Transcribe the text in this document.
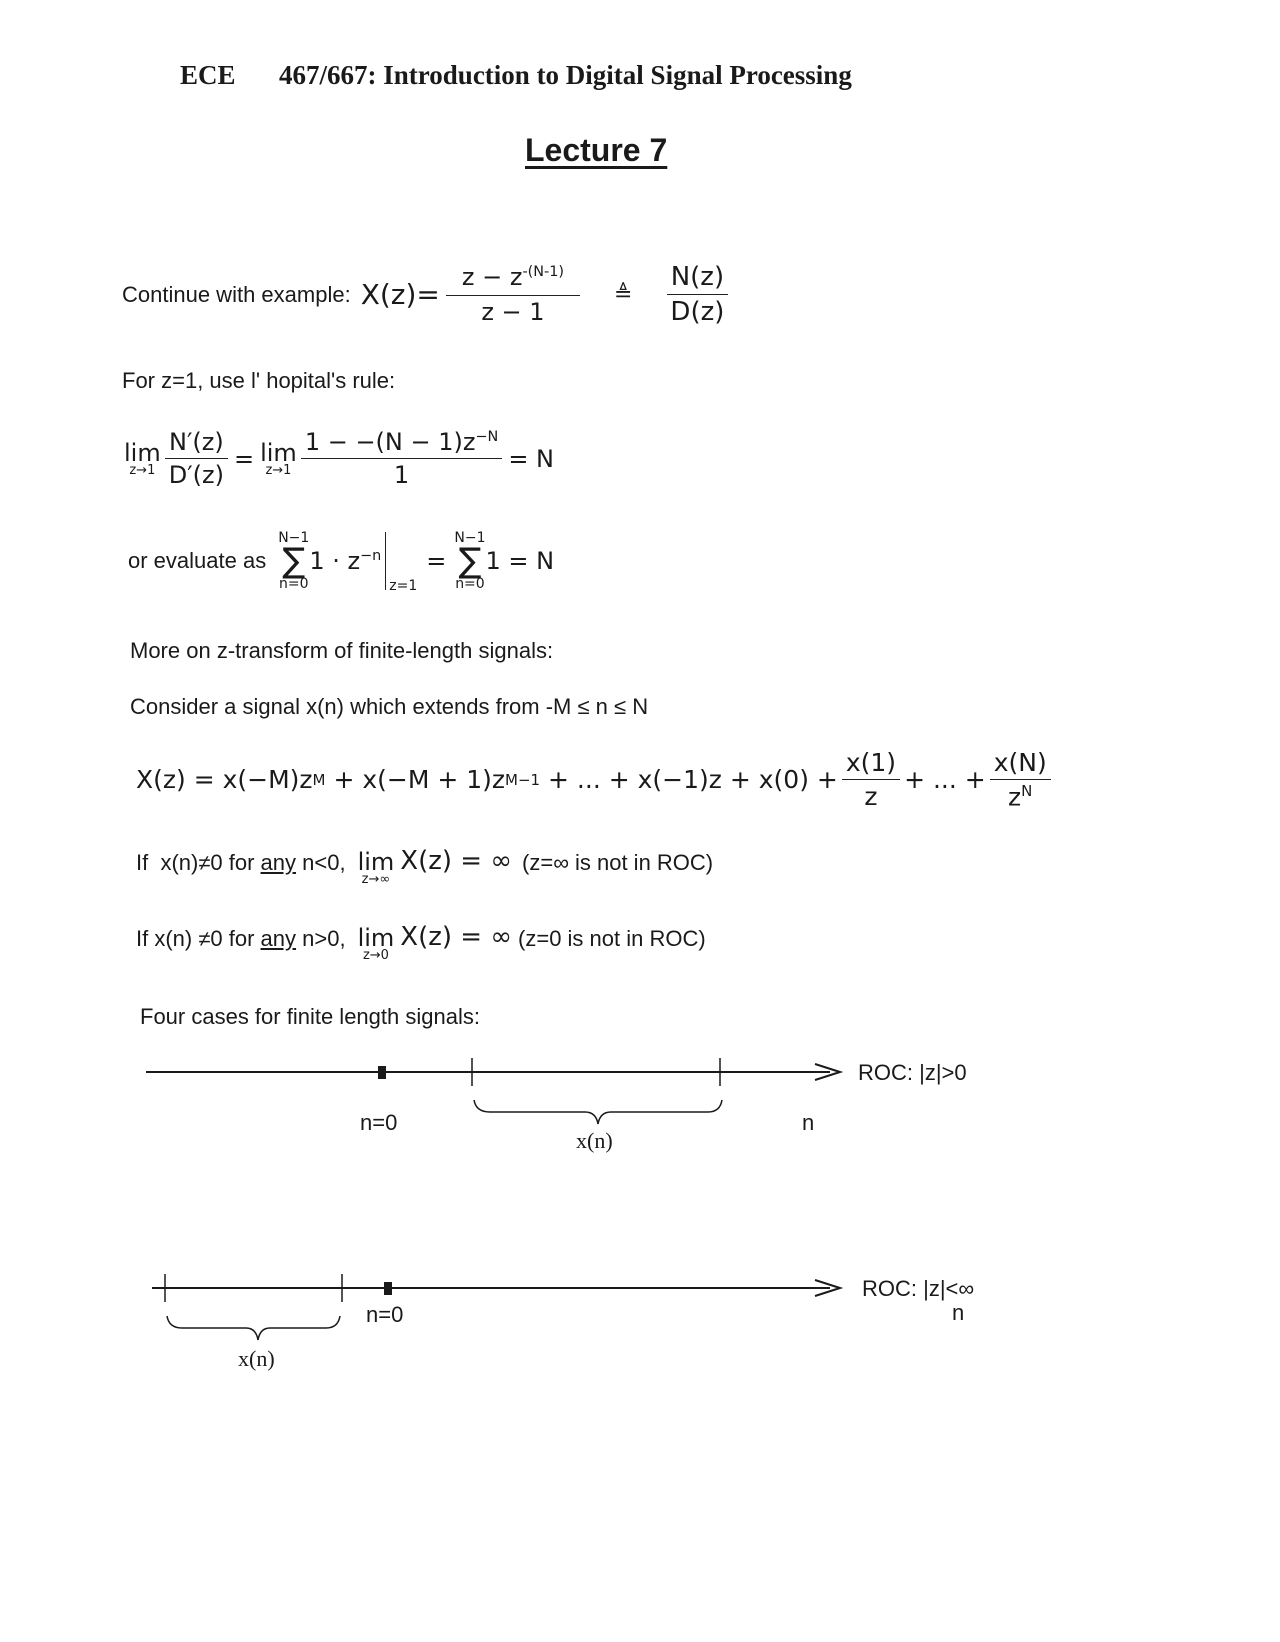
ECE 467/667: Introduction to Digital Signal Processing
Lecture 7
Continue with example: $X(z)= \frac{z - z^{-(N-1)}}{z - 1}$ ≜ $\frac{N(z)}{D(z)}$
For z=1, use l' hopital's rule:
lim
$z\to 1 \frac{N'(z)}{D'(z)} = \lim$
$z\to 1 \frac{1 - -(N - 1)z^{-N}}{1} = N$
or evaluate as
N−1
∑
n=0
$1 \cdot z^{-n}$
z=1
=
N−1
∑
n=0
1 = N
More on z-transform of finite-length signals:
Consider a signal x(n) which extends from -M ≤ n ≤ N
X(z) = x(−M)z M + x(−M + 1)z M−1 + ... + $x(-1)z + x(0) + \frac{x(1)}{z}$ + ... + $\frac{x(N)}{z^N}$
If  x(n)≠0 for any n<0, lim
z→∞
X(z) = ∞ (z=∞ is not in ROC)
If x(n) ≠0 for any n>0, lim
z→0
X(z) = ∞ (z=0 is not in ROC)
Four cases for finite length signals:
ROC: |z|>0
n=0
x(n)
n
ROC: |z|<∞
n=0
x(n)
n
